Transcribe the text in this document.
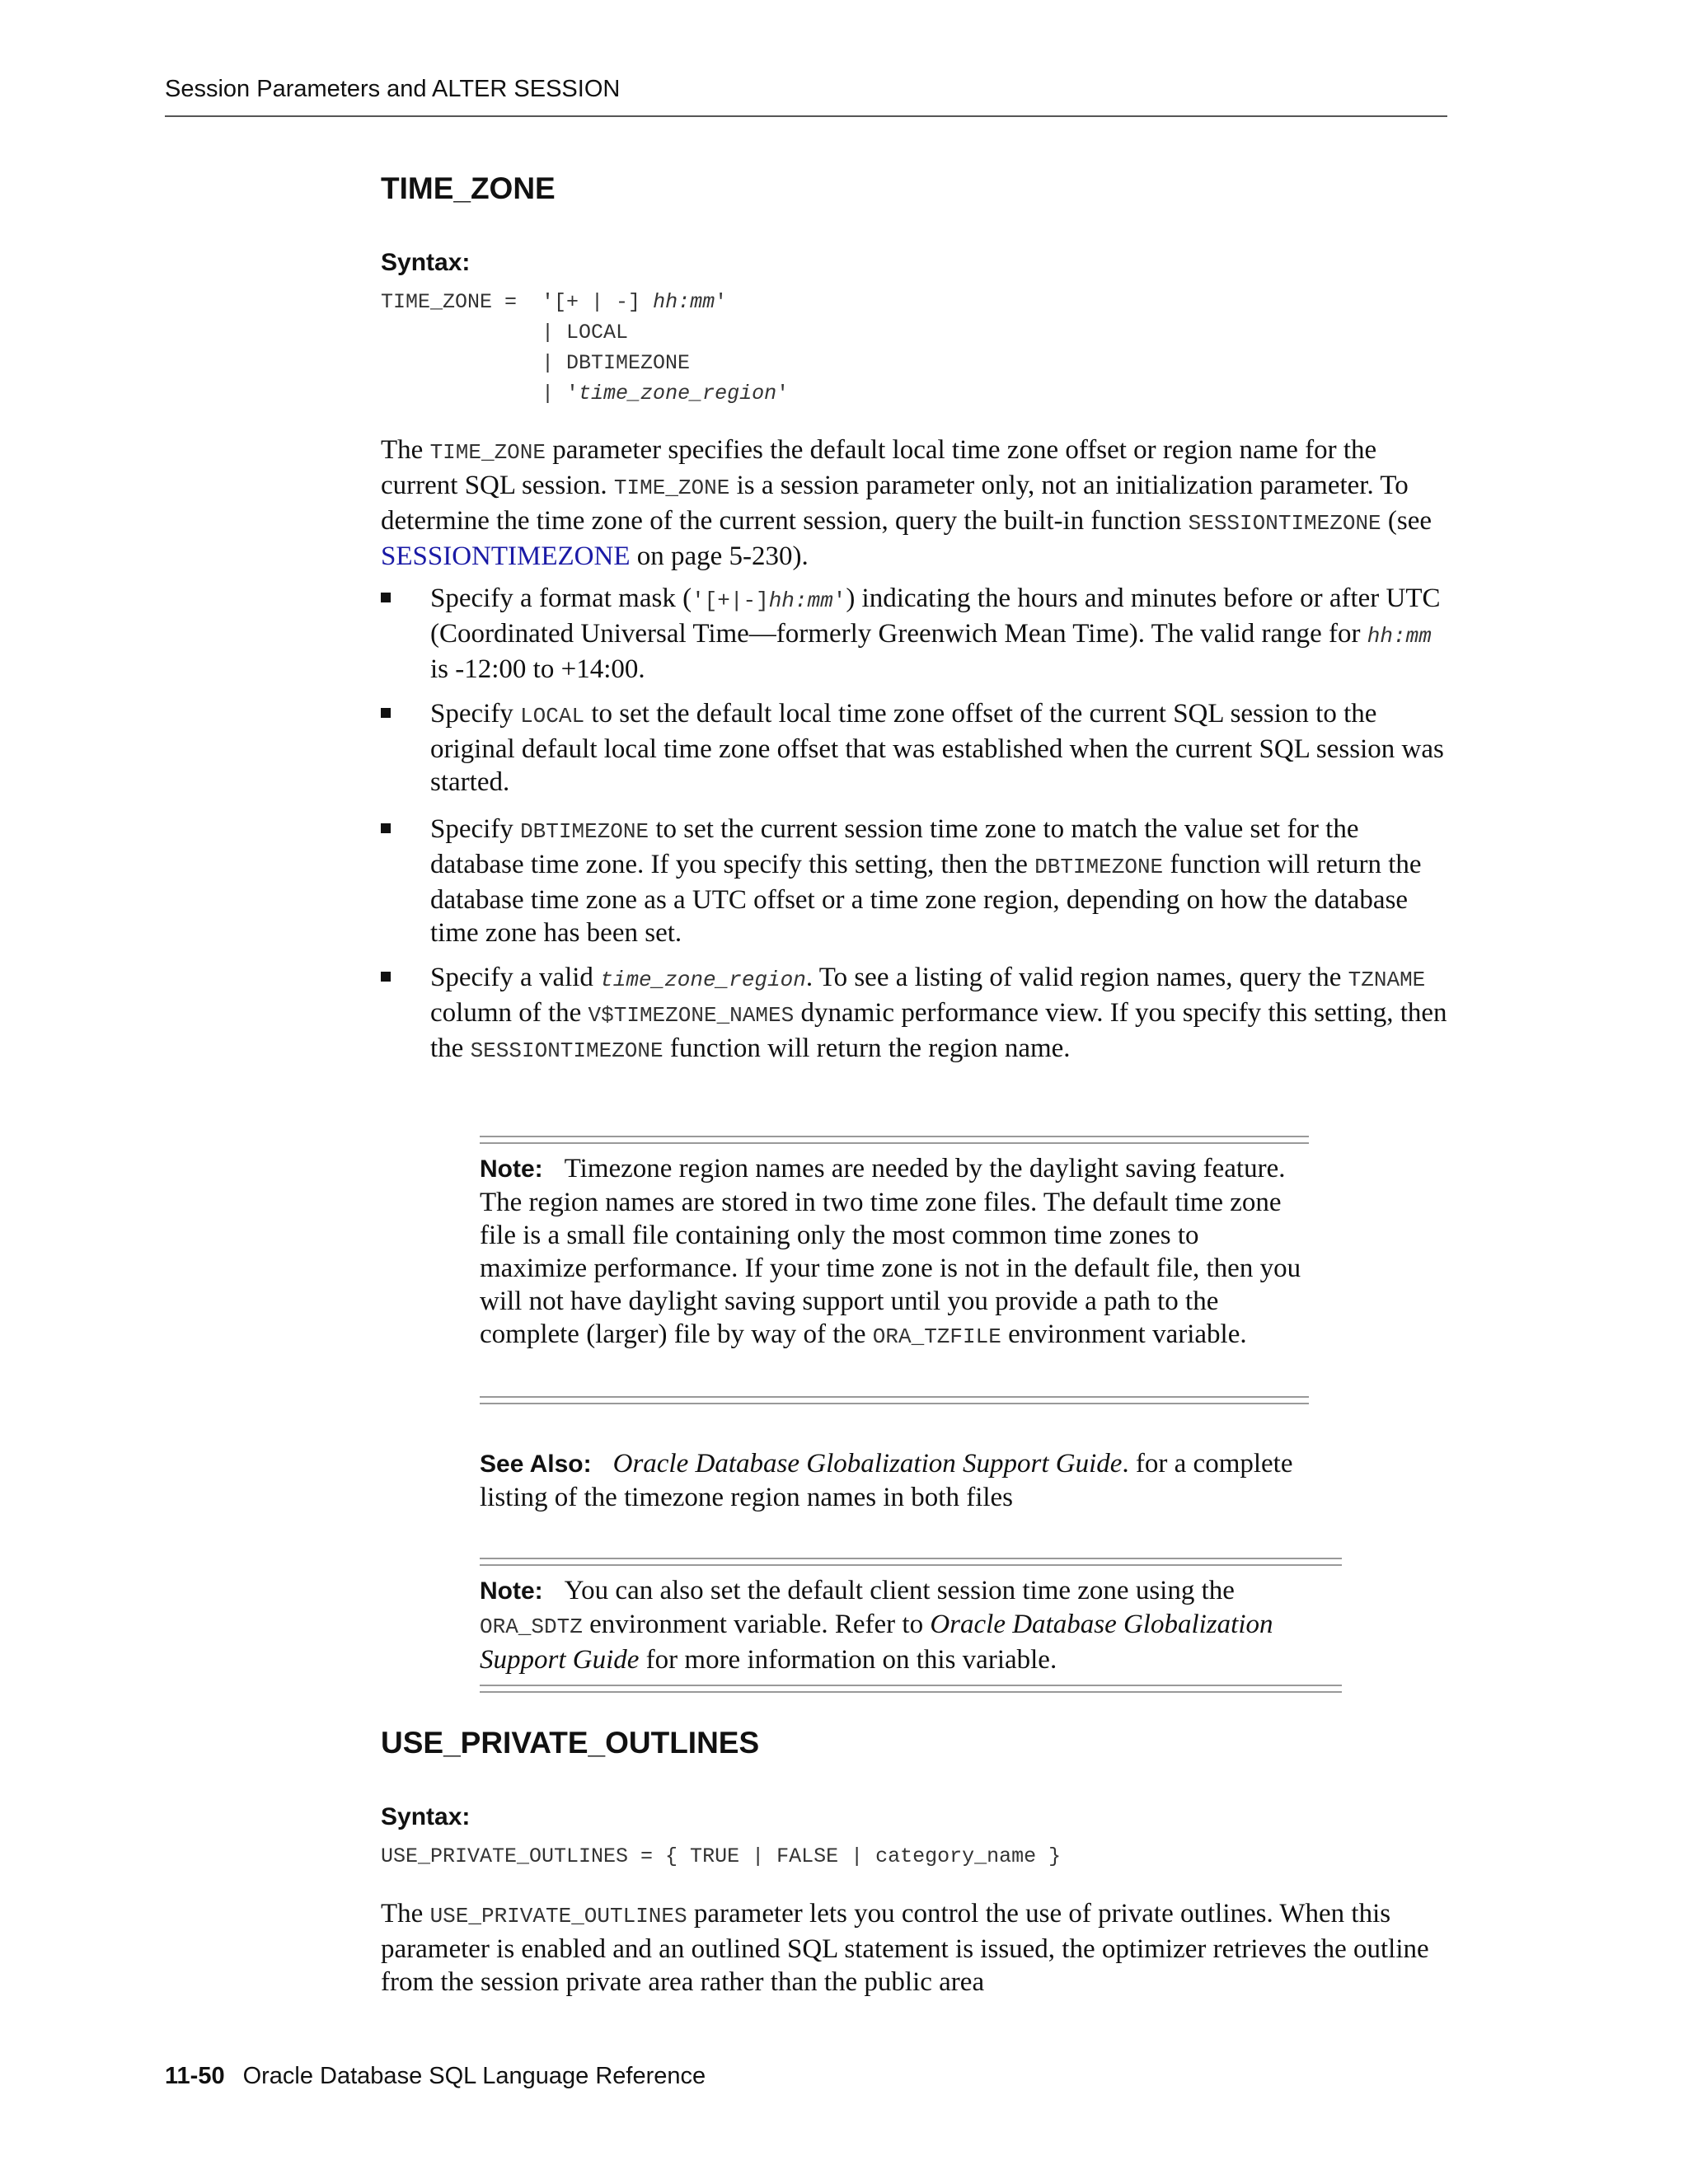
Session Parameters and ALTER SESSION
TIME_ZONE
Syntax:
TIME_ZONE =  '[+ | -] hh:mm'
| LOCAL
| DBTIMEZONE
| 'time_zone_region'

The TIME_ZONE parameter specifies the default local time zone offset or region name for the current SQL session. TIME_ZONE is a session parameter only, not an initialization parameter. To determine the time zone of the current session, query the built-in function SESSIONTIMEZONE (see SESSIONTIMEZONE on page 5-230).

Specify a format mask ('[+|-]hh:mm') indicating the hours and minutes before or after UTC (Coordinated Universal Time—formerly Greenwich Mean Time). The valid range for hh:mm is -12:00 to +14:00.

Specify LOCAL to set the default local time zone offset of the current SQL session to the original default local time zone offset that was established when the current SQL session was started.

Specify DBTIMEZONE to set the current session time zone to match the value set for the database time zone. If you specify this setting, then the DBTIMEZONE function will return the database time zone as a UTC offset or a time zone region, depending on how the database time zone has been set.

Specify a valid time_zone_region. To see a listing of valid region names, query the TZNAME column of the V$TIMEZONE_NAMES dynamic performance view. If you specify this setting, then the SESSIONTIMEZONE function will return the region name.

Note: Timezone region names are needed by the daylight saving feature. The region names are stored in two time zone files. The default time zone file is a small file containing only the most common time zones to maximize performance. If your time zone is not in the default file, then you will not have daylight saving support until you provide a path to the complete (larger) file by way of the ORA_TZFILE environment variable.

See Also: Oracle Database Globalization Support Guide. for a complete listing of the timezone region names in both files

Note: You can also set the default client session time zone using the ORA_SDTZ environment variable. Refer to Oracle Database Globalization Support Guide for more information on this variable.

USE_PRIVATE_OUTLINES
Syntax:
USE_PRIVATE_OUTLINES = { TRUE | FALSE | category_name }

The USE_PRIVATE_OUTLINES parameter lets you control the use of private outlines. When this parameter is enabled and an outlined SQL statement is issued, the optimizer retrieves the outline from the session private area rather than the public area

11-50 Oracle Database SQL Language Reference
